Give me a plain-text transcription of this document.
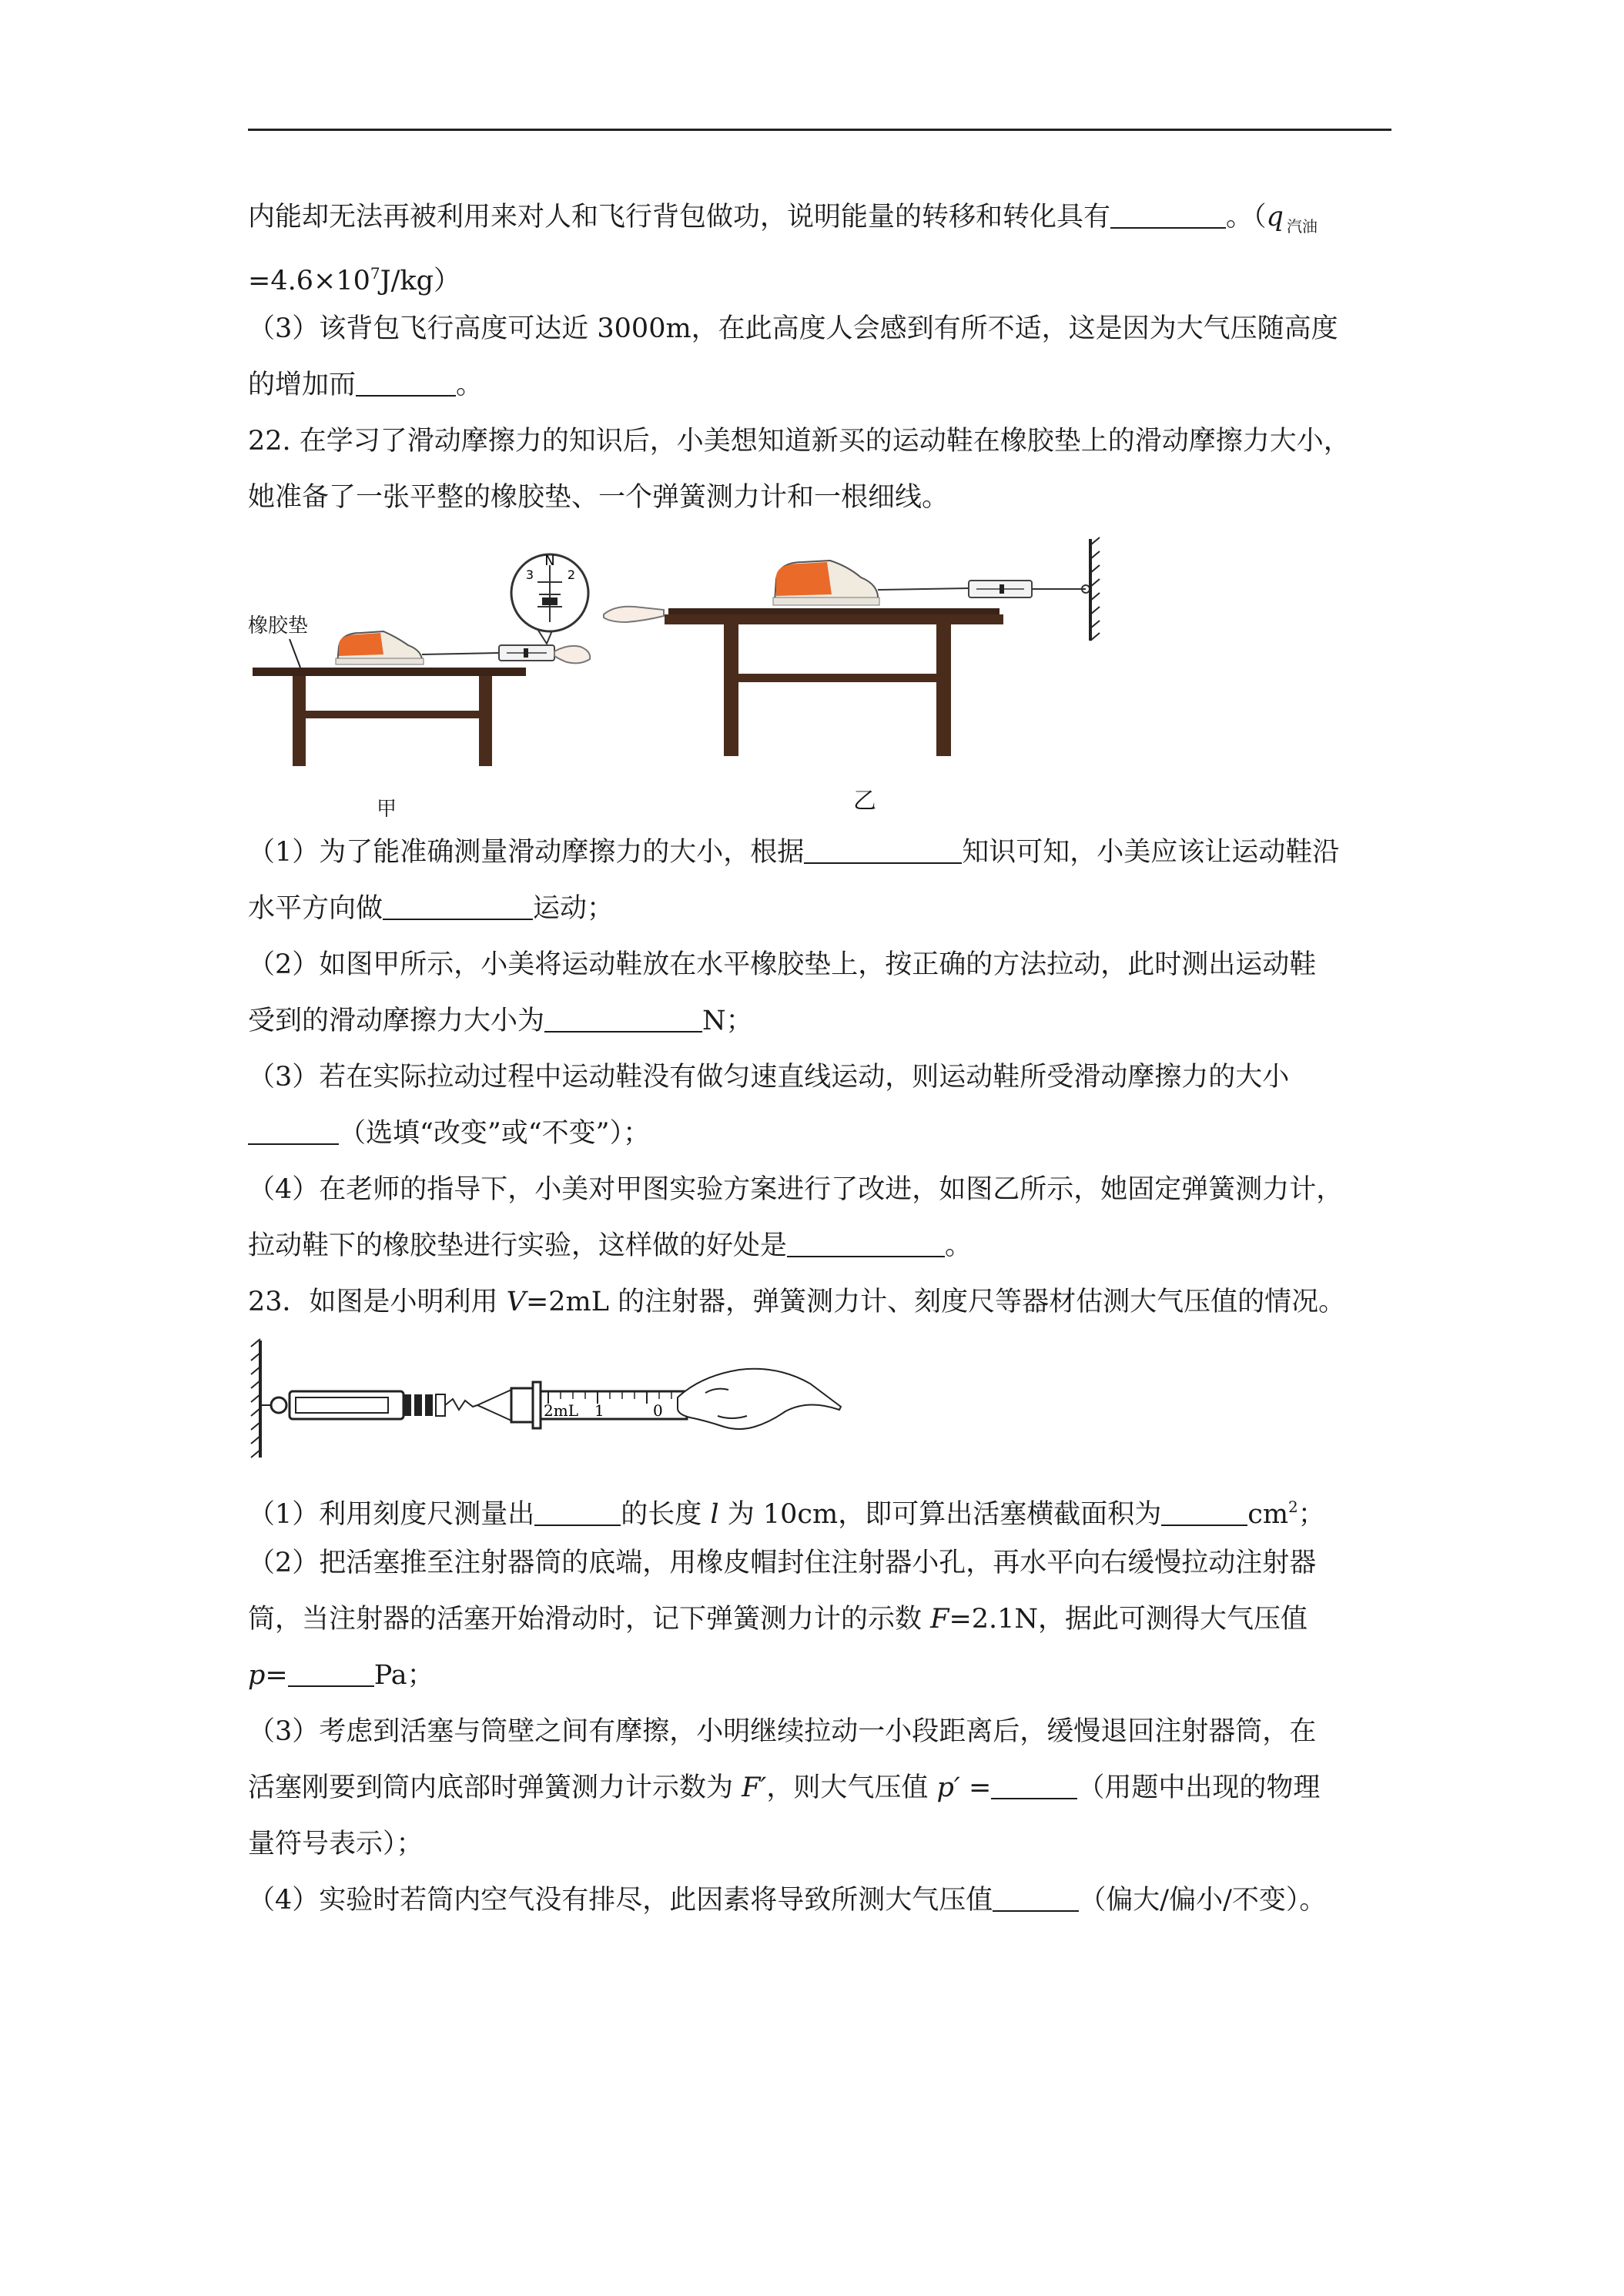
内能却无法再被利用来对人和飞行背包做功，说明能量的转移和转化具有	。（q $_{汽油}$
$=4.6\times 10^7J/kg$）
（3）该背包飞行高度可达近 3000m，在此高度人会感到有所不适，这是因为大气压随高度
的增加而	。
22. 在学习了滑动摩擦力的知识后，小美想知道新买的运动鞋在橡胶垫上的滑动摩擦力大小，
她准备了一张平整的橡胶垫、一个弹簧测力计和一根细线。
N
3	2
橡胶垫
甲	乙
（1）为了能准确测量滑动摩擦力的大小，根据	知识可知，小美应该让运动鞋沿
水平方向做	运动；
（2）如图甲所示，小美将运动鞋放在水平橡胶垫上，按正确的方法拉动，此时测出运动鞋
受到的滑动摩擦力大小为	N；
（3）若在实际拉动过程中运动鞋没有做匀速直线运动，则运动鞋所受滑动摩擦力的大小
（选填“改变”或“不变”）；
（4）在老师的指导下，小美对甲图实验方案进行了改进，如图乙所示，她固定弹簧测力计，
拉动鞋下的橡胶垫进行实验，这样做的好处是	。
23．如图是小明利用 V=2mL 的注射器，弹簧测力计、刻度尺等器材估测大气压值的情况。
2mL 1	0
（1）利用刻度尺测量出	的长度 l 为 10cm，即可算出活塞横截面积为	$cm^2$；
（2）把活塞推至注射器筒的底端，用橡皮帽封住注射器小孔，再水平向右缓慢拉动注射器
筒，当注射器的活塞开始滑动时，记下弹簧测力计的示数 F=2.1N，据此可测得大气压值
p=	Pa；
（3）考虑到活塞与筒壁之间有摩擦，小明继续拉动一小段距离后，缓慢退回注射器筒，在
活塞刚要到筒内底部时弹簧测力计示数为 F′，则大气压值 p′ =	（用题中出现的物理
量符号表示）；
（4）实验时若筒内空气没有排尽，此因素将导致所测大气压值	（偏大/偏小/不变）。
